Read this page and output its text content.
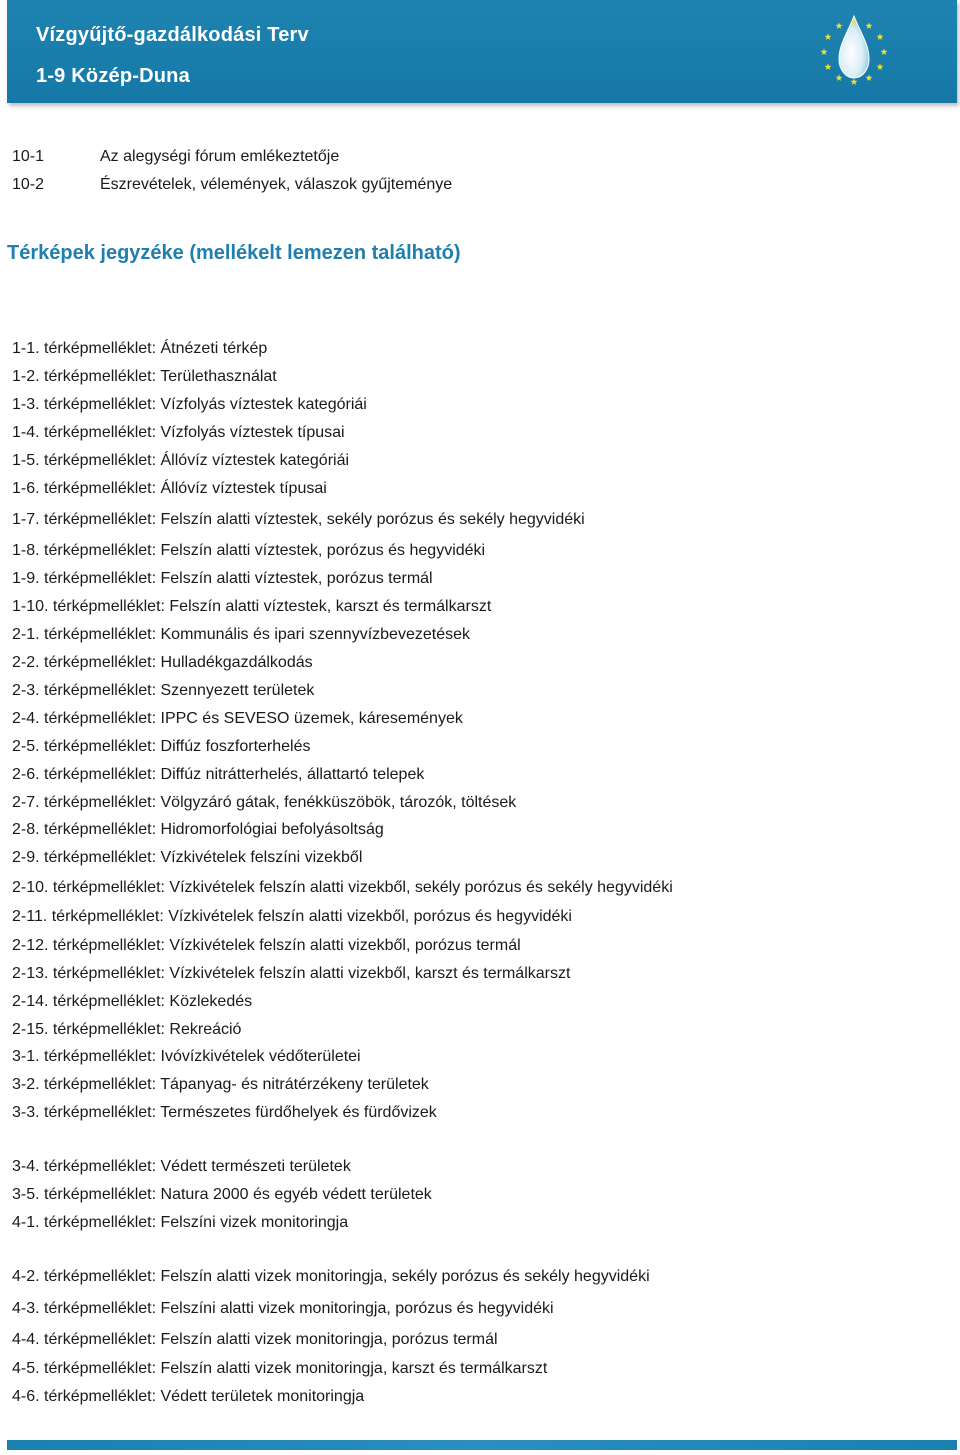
Vízgyűjtő-gazdálkodási Terv
1-9 Közép-Duna
10-1	Az alegységi fórum emlékeztetője
10-2	Észrevételek, vélemények, válaszok gyűjteménye
Térképek jegyzéke (mellékelt lemezen található)
1-1. térképmelléklet: Átnézeti térkép
1-2. térképmelléklet: Területhasználat
1-3. térképmelléklet: Vízfolyás víztestek kategóriái
1-4. térképmelléklet: Vízfolyás víztestek típusai
1-5. térképmelléklet: Állóvíz víztestek kategóriái
1-6. térképmelléklet: Állóvíz víztestek típusai
1-7. térképmelléklet: Felszín alatti víztestek, sekély porózus és sekély hegyvidéki
1-8. térképmelléklet: Felszín alatti víztestek, porózus és hegyvidéki
1-9. térképmelléklet: Felszín alatti víztestek, porózus termál
1-10. térképmelléklet: Felszín alatti víztestek, karszt és termálkarszt
2-1. térképmelléklet: Kommunális és ipari szennyvízbevezetések
2-2. térképmelléklet: Hulladékgazdálkodás
2-3. térképmelléklet: Szennyezett területek
2-4. térképmelléklet: IPPC és SEVESO üzemek, káresemények
2-5. térképmelléklet: Diffúz foszforterhelés
2-6. térképmelléklet: Diffúz nitrátterhelés, állattartó telepek
2-7. térképmelléklet: Völgyzáró gátak, fenékküszöbök, tározók, töltések
2-8. térképmelléklet: Hidromorfológiai befolyásoltság
2-9. térképmelléklet: Vízkivételek felszíni vizekből
2-10. térképmelléklet: Vízkivételek felszín alatti vizekből, sekély porózus és sekély hegyvidéki
2-11. térképmelléklet: Vízkivételek felszín alatti vizekből, porózus és hegyvidéki
2-12. térképmelléklet: Vízkivételek felszín alatti vizekből, porózus termál
2-13. térképmelléklet: Vízkivételek felszín alatti vizekből, karszt és termálkarszt
2-14. térképmelléklet: Közlekedés
2-15. térképmelléklet: Rekreáció
3-1. térképmelléklet: Ivóvízkivételek védőterületei
3-2. térképmelléklet: Tápanyag- és nitrátérzékeny területek
3-3. térképmelléklet: Természetes fürdőhelyek és fürdővizek
3-4. térképmelléklet: Védett természeti területek
3-5. térképmelléklet: Natura 2000 és egyéb védett területek
4-1. térképmelléklet: Felszíni vizek monitoringja
4-2. térképmelléklet: Felszín alatti vizek monitoringja, sekély porózus és sekély hegyvidéki
4-3. térképmelléklet: Felszíni alatti vizek monitoringja, porózus és hegyvidéki
4-4. térképmelléklet: Felszín alatti vizek monitoringja, porózus termál
4-5. térképmelléklet: Felszín alatti vizek monitoringja, karszt és termálkarszt
4-6. térképmelléklet: Védett területek monitoringja
